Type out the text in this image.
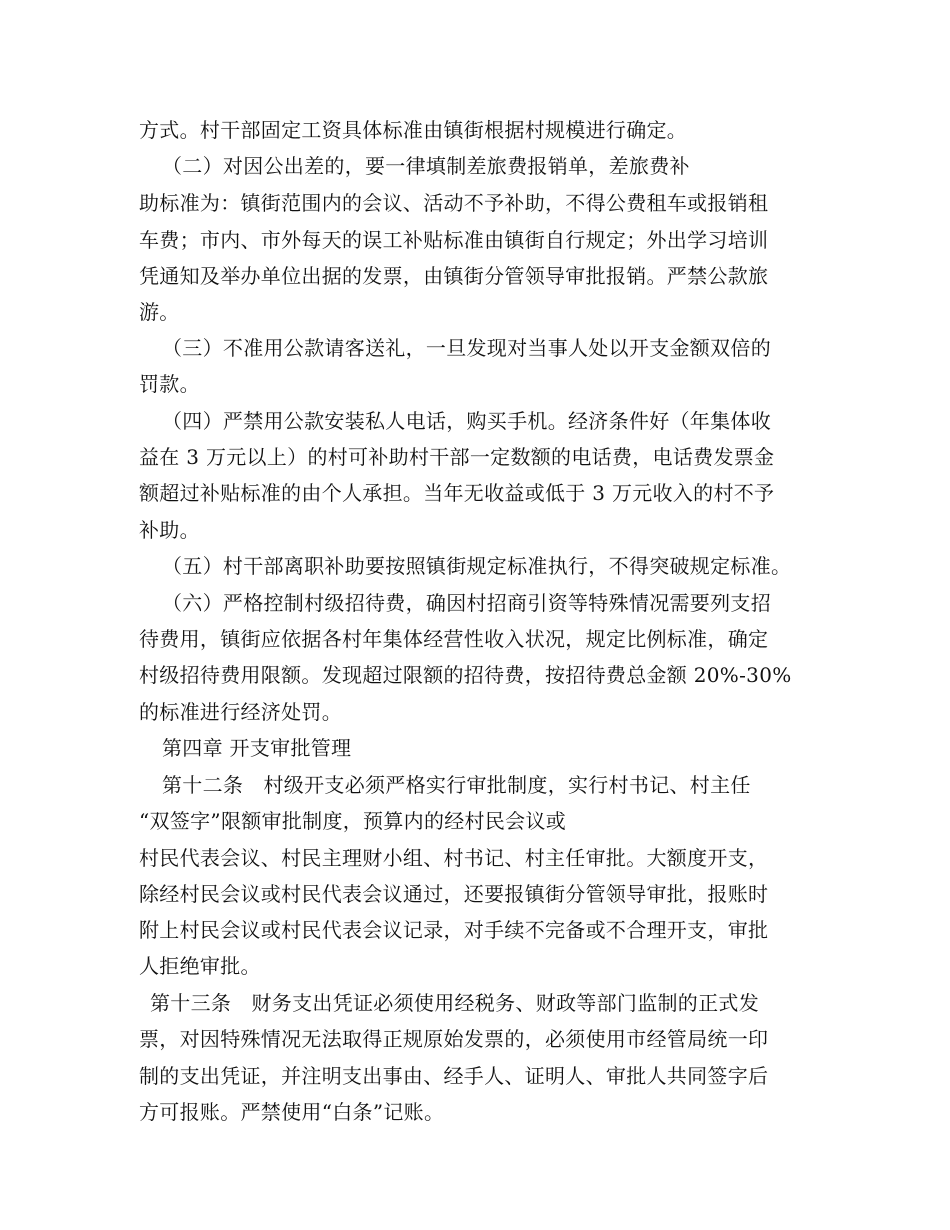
方式。村干部固定工资具体标准由镇街根据村规模进行确定。
（二）对因公出差的，要一律填制差旅费报销单，差旅费补
助标准为：镇街范围内的会议、活动不予补助，不得公费租车或报销租
车费；市内、市外每天的误工补贴标准由镇街自行规定；外出学习培训
凭通知及举办单位出据的发票，由镇街分管领导审批报销。严禁公款旅
游。
（三）不准用公款请客送礼，一旦发现对当事人处以开支金额双倍的
罚款。
（四）严禁用公款安装私人电话，购买手机。经济条件好（年集体收
益在 3 万元以上）的村可补助村干部一定数额的电话费，电话费发票金
额超过补贴标准的由个人承担。当年无收益或低于 3 万元收入的村不予
补助。
（五）村干部离职补助要按照镇街规定标准执行，不得突破规定标准。
（六）严格控制村级招待费，确因村招商引资等特殊情况需要列支招
待费用，镇街应依据各村年集体经营性收入状况，规定比例标准，确定
村级招待费用限额。发现超过限额的招待费，按招待费总金额 20%-30%
的标准进行经济处罚。
第四章 开支审批管理
第十二条　村级开支必须严格实行审批制度，实行村书记、村主任
“双签字”限额审批制度，预算内的经村民会议或
村民代表会议、村民主理财小组、村书记、村主任审批。大额度开支，
除经村民会议或村民代表会议通过，还要报镇街分管领导审批，报账时
附上村民会议或村民代表会议记录，对手续不完备或不合理开支，审批
人拒绝审批。
第十三条　财务支出凭证必须使用经税务、财政等部门监制的正式发
票，对因特殊情况无法取得正规原始发票的，必须使用市经管局统一印
制的支出凭证，并注明支出事由、经手人、证明人、审批人共同签字后
方可报账。严禁使用“白条”记账。
